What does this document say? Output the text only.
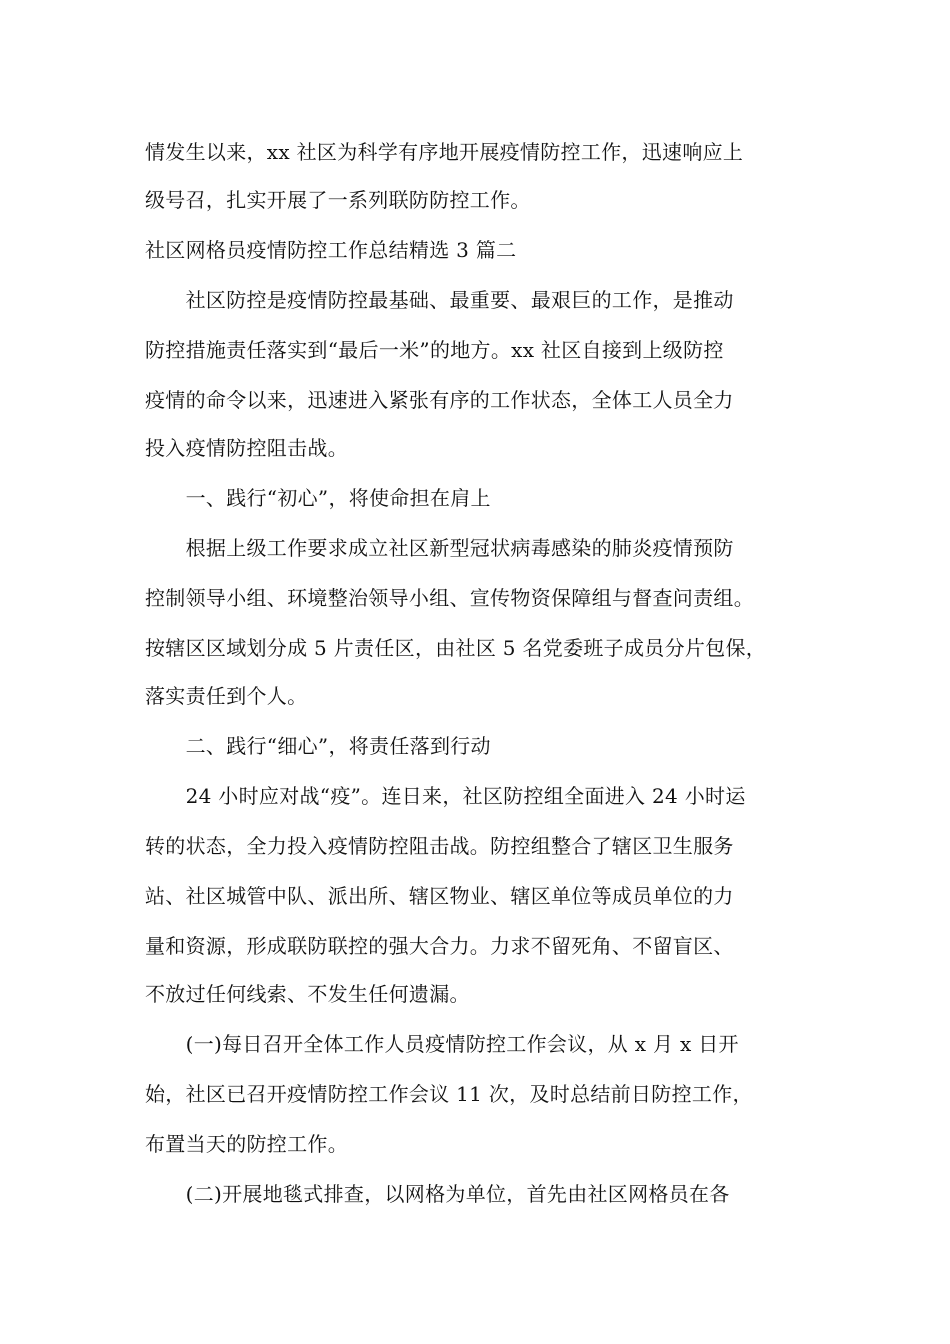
情发生以来，xx 社区为科学有序地开展疫情防控工作，迅速响应上
级号召，扎实开展了一系列联防防控工作。
社区网格员疫情防控工作总结精选 3 篇二
　　社区防控是疫情防控最基础、最重要、最艰巨的工作，是推动
防控措施责任落实到“最后一米”的地方。xx 社区自接到上级防控
疫情的命令以来，迅速进入紧张有序的工作状态，全体工人员全力
投入疫情防控阻击战。
　　一、践行“初心”，将使命担在肩上
　　根据上级工作要求成立社区新型冠状病毒感染的肺炎疫情预防
控制领导小组、环境整治领导小组、宣传物资保障组与督查问责组。
按辖区区域划分成 5 片责任区，由社区 5 名党委班子成员分片包保，
落实责任到个人。
　　二、践行“细心”，将责任落到行动
　　24 小时应对战“疫”。连日来，社区防控组全面进入 24 小时运
转的状态，全力投入疫情防控阻击战。防控组整合了辖区卫生服务
站、社区城管中队、派出所、辖区物业、辖区单位等成员单位的力
量和资源，形成联防联控的强大合力。力求不留死角、不留盲区、
不放过任何线索、不发生任何遗漏。
　　(一)每日召开全体工作人员疫情防控工作会议，从 x 月 x 日开
始，社区已召开疫情防控工作会议 11 次，及时总结前日防控工作，
布置当天的防控工作。
　　(二)开展地毯式排查，以网格为单位，首先由社区网格员在各
